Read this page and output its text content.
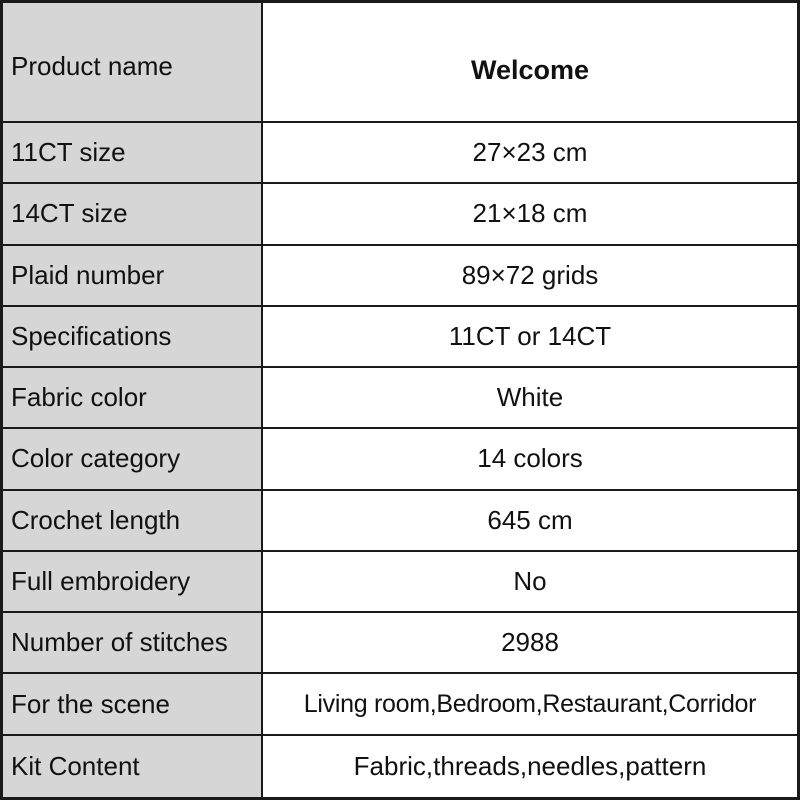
Product name	Welcome
11CT size	27×23 cm
14CT size	21×18 cm
Plaid number	89×72 grids
Specifications	11CT or 14CT
Fabric color	White
Color category	14 colors
Crochet length	645 cm
Full embroidery	No
Number of stitches	2988
For the scene	Living room,Bedroom,Restaurant,Corridor
Kit Content	Fabric,threads,needles,pattern
